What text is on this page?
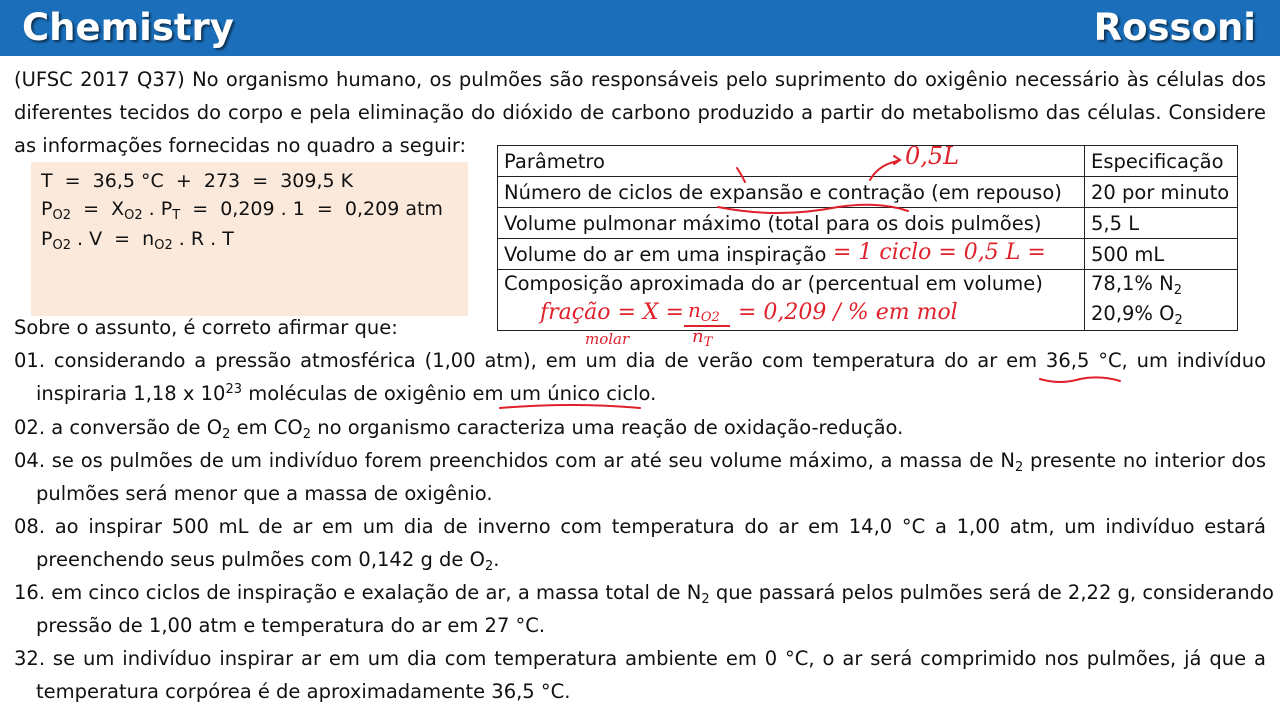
Chemistry	Rossoni
(UFSC 2017 Q37) No organismo humano, os pulmões são responsáveis pelo suprimento do oxigênio necessário às células dos
diferentes tecidos do corpo e pela eliminação do dióxido de carbono produzido a partir do metabolismo das células. Considere
as informações fornecidas no quadro a seguir:
T  =  36,5 °C  +  273  =  309,5 K
$P_{O2} = X_{O2}$ . $P_T = 0,209$ . 1  =  0,209 atm
$P_{O2}$ . $V = n_{O2}$ . R . T
Parâmetro	Especificação
Número de ciclos de expansão e contração (em repouso)	20 por minuto
Volume pulmonar máximo (total para os dois pulmões)	5,5 L
Volume do ar em uma inspiração	500 mL
Composição aproximada do ar (percentual em volume)	78,1% $N_2$
	20,9% $O_2$
0,5L
= 1 ciclo = 0,5 L =
fração = X =
molar
$n_{O2}$
$n_T$
= 0,209 / % em mol
Sobre o assunto, é correto afirmar que:
01. considerando a pressão atmosférica (1,00 atm), em um dia de verão com temperatura do ar em 36,5 °C, um indivíduo
inspiraria 1,18 x $10^{23}$ moléculas de oxigênio em um único ciclo.
02. a conversão de $O_2$ em $CO_2$ no organismo caracteriza uma reação de oxidação-redução.
04. se os pulmões de um indivíduo forem preenchidos com ar até seu volume máximo, a massa de $N_2$ presente no interior dos
pulmões será menor que a massa de oxigênio.
08. ao inspirar 500 mL de ar em um dia de inverno com temperatura do ar em 14,0 °C a 1,00 atm, um indivíduo estará
preenchendo seus pulmões com 0,142 g de $O_2$.
16. em cinco ciclos de inspiração e exalação de ar, a massa total de $N_2$ que passará pelos pulmões será de 2,22 g, considerando
pressão de 1,00 atm e temperatura do ar em 27 °C.
32. se um indivíduo inspirar ar em um dia com temperatura ambiente em 0 °C, o ar será comprimido nos pulmões, já que a
temperatura corpórea é de aproximadamente 36,5 °C.
